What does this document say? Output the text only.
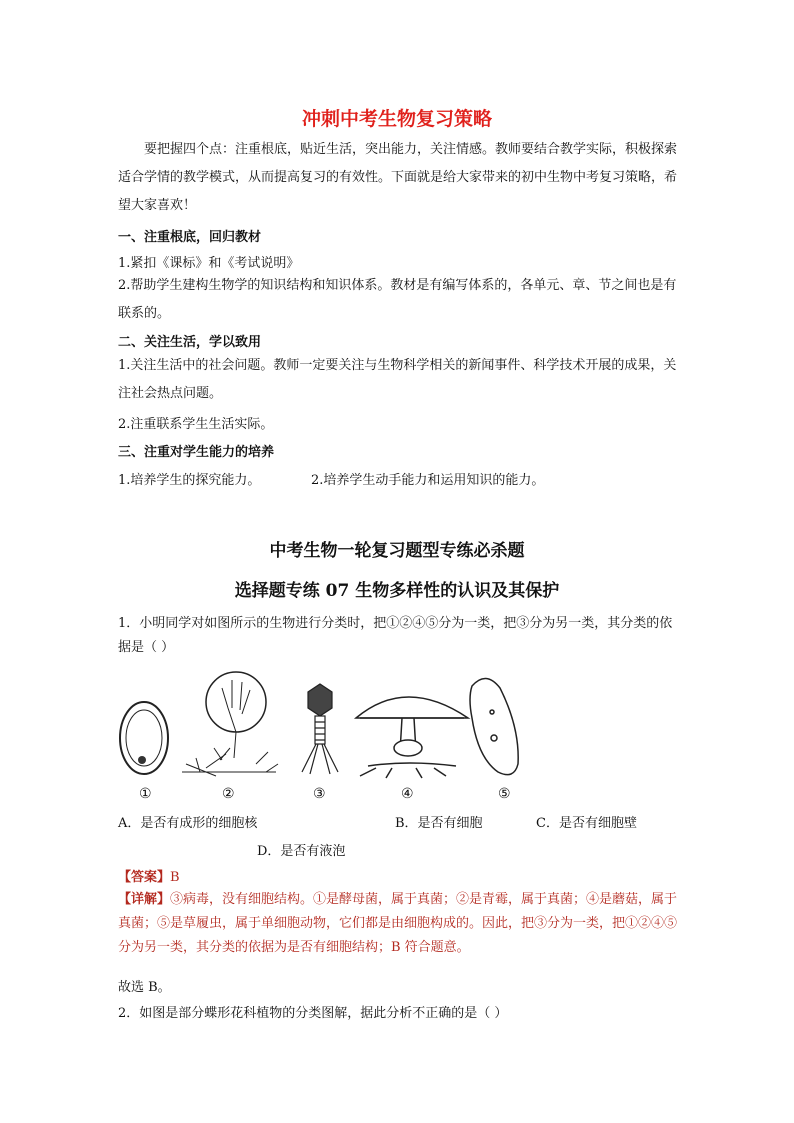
冲刺中考生物复习策略
要把握四个点：注重根底，贴近生活，突出能力，关注情感。教师要结合教学实际，积极探索适合学情的教学模式，从而提高复习的有效性。下面就是给大家带来的初中生物中考复习策略，希望大家喜欢！
一、注重根底，回归教材
1.紧扣《课标》和《考试说明》
2.帮助学生建构生物学的知识结构和知识体系。教材是有编写体系的，各单元、章、节之间也是有联系的。
二、关注生活，学以致用
1.关注生活中的社会问题。教师一定要关注与生物科学相关的新闻事件、科学技术开展的成果，关注社会热点问题。
2.注重联系学生生活实际。
三、注重对学生能力的培养
1.培养学生的探究能力。	2.培养学生动手能力和运用知识的能力。
中考生物一轮复习题型专练必杀题
选择题专练 07 生物多样性的认识及其保护
1．小明同学对如图所示的生物进行分类时，把①②④⑤分为一类，把③分为另一类，其分类的依据是（ ）
①	②	③	④	⑤
A．是否有成形的细胞核	B．是否有细胞	C．是否有细胞壁
D．是否有液泡
【答案】B
【详解】③病毒，没有细胞结构。①是酵母菌，属于真菌；②是青霉，属于真菌；④是蘑菇，属于真菌；⑤是草履虫，属于单细胞动物，它们都是由细胞构成的。因此，把③分为一类，把①②④⑤分为另一类，其分类的依据为是否有细胞结构；B 符合题意。
故选 B。
2．如图是部分蝶形花科植物的分类图解，据此分析不正确的是（ ）
